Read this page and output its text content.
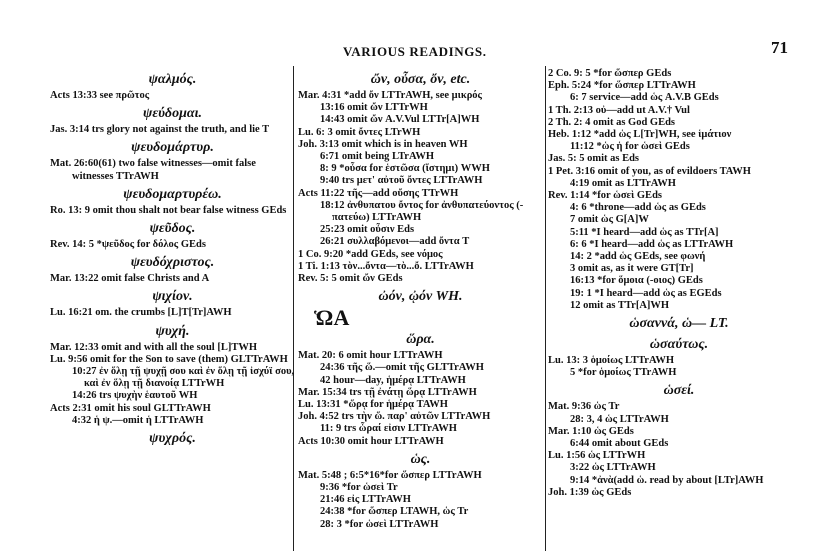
VARIOUS READINGS.	71
ψαλμός.
Acts 13:33 see πρῶτος
ψεύδομαι.
Jas. 3:14 trs glory not against the truth, and lie T
ψευδομάρτυρ.
Mat. 26:60(61) two false witnesses—omit false witnesses TTrAWH
ψευδομαρτυρέω.
Ro. 13: 9 omit thou shalt not bear false witness GEds
ψεῦδος.
Rev. 14: 5 *ψεῦδος for δόλος GEds
ψευδόχριστος.
Mar. 13:22 omit false Christs and A
ψιχίον.
Lu. 16:21 om. the crumbs [L]T[Tr]AWH
ψυχή.
Mar. 12:33 omit and with all the soul [L]TWH
Lu. 9:56 omit for the Son to save (them) GLTTrAWH
10:27 ἐν ὅλῃ τῇ ψυχῇ σου καὶ ἐν ὅλῃ τῇ ἰσχύϊ σου, καὶ ἐν ὅλῃ τῇ διανοίᾳ LTTrWH
14:26 trs ψυχὴν ἑαυτοῦ WH
Acts 2:31 omit his soul GLTTrAWH
4:32 ἡ ψ.—omit ἡ LTTrAWH
ψυχρός.
ὤν, οὖσα, ὄν, etc.
Mar. 4:31 *add ὄν LTTrAWH, see μικρός
13:16 omit ὤν LTTrWH
14:43 omit ὤν A.V.Vul LTTr[A]WH
Lu. 6: 3 omit ὄντες LTrWH
Joh. 3:13 omit which is in heaven WH
6:71 omit being LTrAWH
8: 9 *οὖσα for ἑστῶσα (ἵστημι) WWH
9:40 trs μετ' αὐτοῦ ὄντες LTTrAWH
Acts 11:22 τῆς—add οὔσης TTrWH
18:12 ἀνθυπατου ὄντος for ἀνθυπατεύοντος (-πατεύω) LTTrAWH
25:23 omit οὖσιν Eds
26:21 συλλαβόμενοι—add ὄντα T
1 Co. 9:20 *add GEds, see νόμος
1 Ti. 1:13 τὸν...ὄντα—τὸ...ὄ. LTTrAWH
Rev. 5: 5 omit ὤν GEds
ὠόν, ᾠόν WH.
ὩΑ
ὥρα.
Mat. 20: 6 omit hour LTTrAWH
24:36 τῆς ὥ.—omit τῆς GLTTrAWH
42 hour—day, ἡμέρᾳ LTTrAWH
Mar. 15:34 trs τῇ ἐνάτῃ ὥρᾳ LTTrAWH
Lu. 13:31 *ὥρᾳ for ἡμέρᾳ TAWH
Joh. 4:52 trs τὴν ὥ. παρ' αὐτῶν LTTrAWH
11: 9 trs ὧραί εἰσιν LTTrAWH
Acts 10:30 omit hour LTTrAWH
ὡς.
Mat. 5:48 ; 6:5*16*for ὥσπερ LTTrAWH
9:36 *for ὡσεὶ Tr
21:46 εἰς LTTrAWH
24:38 *for ὥσπερ LTAWH, ὡς Tr
28: 3 *for ὡσεὶ LTTrAWH
2 Co. 9: 5 *for ὥσπερ GEds
Eph. 5:24 *for ὥσπερ LTTrAWH
6: 7 service—add ὡς A.V.B GEds
1 Th. 2:13 οὐ—add ut A.V.† Vul
2 Th. 2: 4 omit as God GEds
Heb. 1:12 *add ὡς L[Tr]WH, see ἱμάτιον
11:12 *ὡς ἡ for ὡσεὶ GEds
Jas. 5: 5 omit as Eds
1 Pet. 3:16 omit of you, as of evildoers TAWH
4:19 omit as LTTrAWH
Rev. 1:14 *for ὡσεὶ GEds
4: 6 *throne—add ὡς as GEds
7 omit ὡς G[A]W
5:11 *I heard—add ὡς as TTr[A]
6: 6 *I heard—add ὡς as LTTrAWH
14: 2 *add ὡς GEds, see φωνή
3 omit as, as it were GT[Tr]
16:13 *for ὅμοια (-οιος) GEds
19: 1 *I heard—add ὡς as EGEds
12 omit as TTr[A]WH
ὡσαννά, ὡ— LT.
ὡσαύτως.
Lu. 13: 3 ὁμοίως LTTrAWH
5 *for ὁμοίως TTrAWH
ὡσεί.
Mat. 9:36 ὡς Tr
28: 3, 4 ὡς LTTrAWH
Mar. 1:10 ὡς GEds
6:44 omit about GEds
Lu. 1:56 ὡς LTTrWH
3:22 ὡς LTTrAWH
9:14 *ἀνὰ(add ὡ. read by about [LTr]AWH
Joh. 1:39 ὡς GEds
